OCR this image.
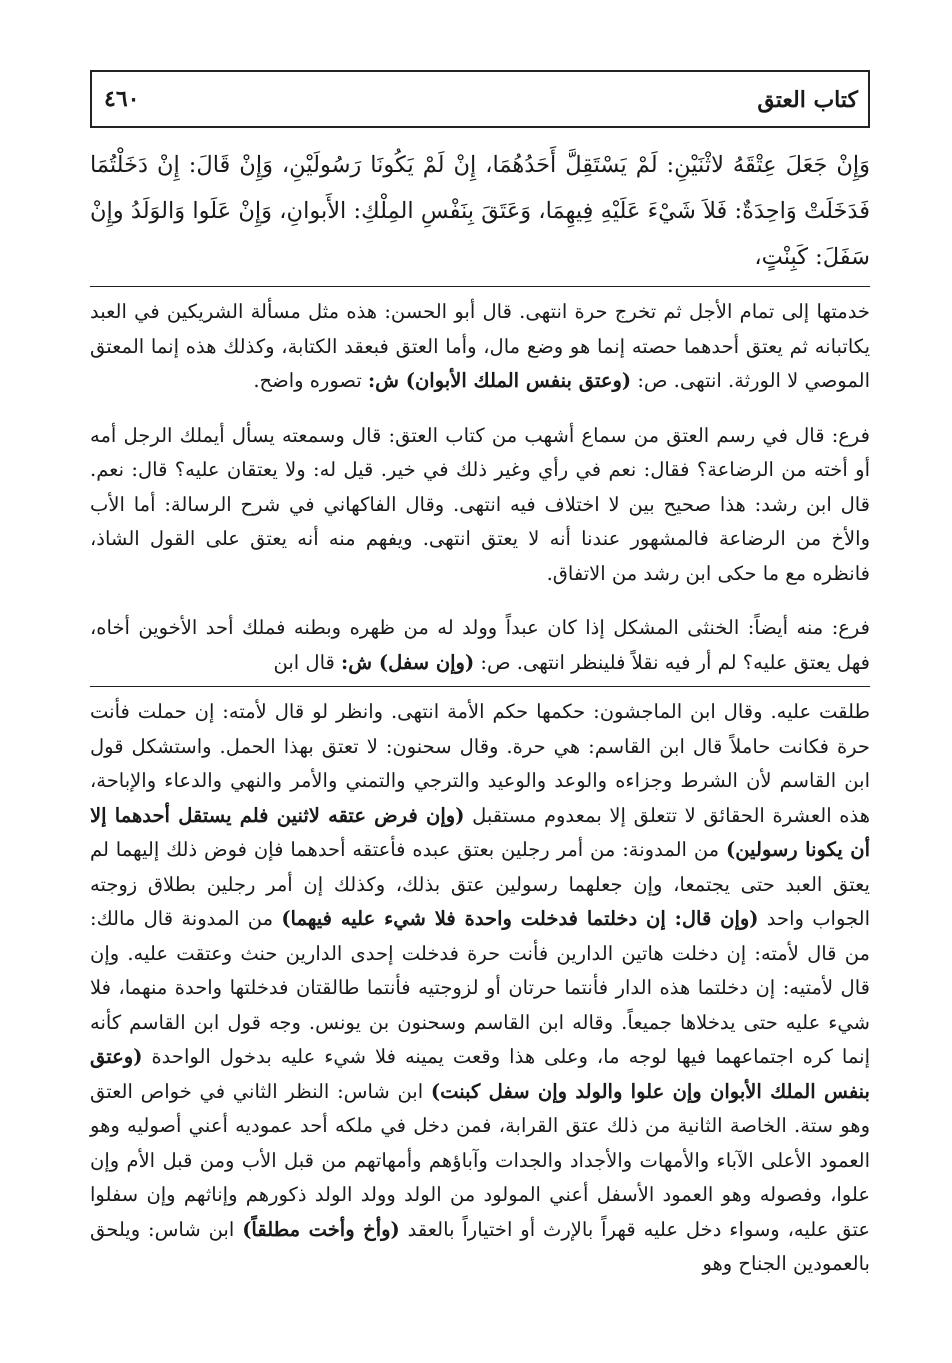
كتاب العتق
٤٦٠
وَإِنْ جَعَلَ عِتْقَهُ لاثْنَيْنِ: لَمْ يَسْتَقِلَّ أَحَدُهُمَا، إِنْ لَمْ يَكُونَا رَسُولَيْنِ، وَإِنْ قَالَ: إِنْ دَخَلْتُمَا فَدَخَلَتْ وَاحِدَةٌ: فَلاَ شَيْءَ عَلَيْهِ فِيهِمَا، وَعَتَقَ بِنَفْسِ المِلْكِ: الأَبوانِ، وَإِنْ عَلَوا وَالوَلَدُ وإِنْ سَفَلَ: كَبِنْتٍ،

خدمتها إلى تمام الأجل ثم تخرج حرة انتهى. قال أبو الحسن: هذه مثل مسألة الشريكين في العبد يكاتبانه ثم يعتق أحدهما حصته إنما هو وضع مال، وأما العتق فبعقد الكتابة، وكذلك هذه إنما المعتق الموصي لا الورثة. انتهى. ص: (وعتق بنفس الملك الأبوان) ش: تصوره واضح.

فرع: قال في رسم العتق من سماع أشهب من كتاب العتق: قال وسمعته يسأل أيملك الرجل أمه أو أخته من الرضاعة؟ فقال: نعم في رأي وغير ذلك في خير. قيل له: ولا يعتقان عليه؟ قال: نعم. قال ابن رشد: هذا صحيح بين لا اختلاف فيه انتهى. وقال الفاكهاني في شرح الرسالة: أما الأب والأخ من الرضاعة فالمشهور عندنا أنه لا يعتق انتهى. ويفهم منه أنه يعتق على القول الشاذ، فانظره مع ما حكى ابن رشد من الاتفاق.

فرع: منه أيضاً: الخنثى المشكل إذا كان عبداً وولد له من ظهره وبطنه فملك أحد الأخوين أخاه، فهل يعتق عليه؟ لم أر فيه نقلاً فلينظر انتهى. ص: (وإن سفل) ش: قال ابن

طلقت عليه. وقال ابن الماجشون: حكمها حكم الأمة انتهى. وانظر لو قال لأمته: إن حملت فأنت حرة فكانت حاملاً قال ابن القاسم: هي حرة. وقال سحنون: لا تعتق بهذا الحمل. واستشكل قول ابن القاسم لأن الشرط وجزاءه والوعد والوعيد والترجي والتمني والأمر والنهي والدعاء والإباحة، هذه العشرة الحقائق لا تتعلق إلا بمعدوم مستقبل (وإن فرض عتقه لاثنين فلم يستقل أحدهما إلا أن يكونا رسولين) من المدونة: من أمر رجلين بعتق عبده فأعتقه أحدهما فإن فوض ذلك إليهما لم يعتق العبد حتى يجتمعا، وإن جعلهما رسولين عتق بذلك، وكذلك إن أمر رجلين بطلاق زوجته الجواب واحد (وإن قال: إن دخلتما فدخلت واحدة فلا شيء عليه فيهما) من المدونة قال مالك: من قال لأمته: إن دخلت هاتين الدارين فأنت حرة فدخلت إحدى الدارين حنث وعتقت عليه. وإن قال لأمتيه: إن دخلتما هذه الدار فأنتما حرتان أو لزوجتيه فأنتما طالقتان فدخلتها واحدة منهما، فلا شيء عليه حتى يدخلاها جميعاً. وقاله ابن القاسم وسحنون بن يونس. وجه قول ابن القاسم كأنه إنما كره اجتماعهما فيها لوجه ما، وعلى هذا وقعت يمينه فلا شيء عليه بدخول الواحدة (وعتق بنفس الملك الأبوان وإن علوا والولد وإن سفل كبنت) ابن شاس: النظر الثاني في خواص العتق وهو ستة. الخاصة الثانية من ذلك عتق القرابة، فمن دخل في ملكه أحد عموديه أعني أصوليه وهو العمود الأعلى الآباء والأمهات والأجداد والجدات وآباؤهم وأمهاتهم من قبل الأب ومن قبل الأم وإن علوا، وفصوله وهو العمود الأسفل أعني المولود من الولد وولد الولد ذكورهم وإناثهم وإن سفلوا عتق عليه، وسواء دخل عليه قهراً بالإرث أو اختياراً بالعقد (وأخ وأخت مطلقاً) ابن شاس: ويلحق بالعمودين الجناح وهو
